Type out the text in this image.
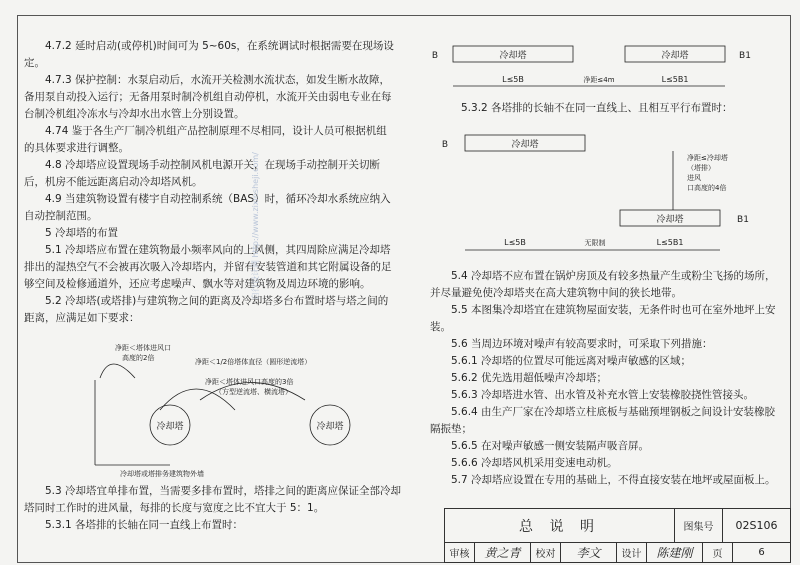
4.7.2 延时启动(或停机)时间可为 5~60s，在系统调试时根据需要在现场设定。

4.7.3 保护控制：水泵启动后，水流开关检测水流状态，如发生断水故障，备用泵自动投入运行；无备用泵时制冷机组自动停机，水流开关由弱电专业在每台制冷机组冷冻水与冷却水出水管上分别设置。

4.74 鉴于各生产厂制冷机组产品控制原理不尽相同，设计人员可根据机组的具体要求进行调整。

4.8 冷却塔应设置现场手动控制风机电源开关，在现场手动控制开关切断后，机房不能远距离启动冷却塔风机。

4.9 当建筑物设置有楼宇自动控制系统（BAS）时，循环冷却水系统应纳入自动控制范围。

5 冷却塔的布置

5.1 冷却塔应布置在建筑物最小频率风向的上风侧，其四周除应满足冷却塔排出的湿热空气不会被再次吸入冷却塔内，并留有安装管道和其它附属设备的足够空间及检修通道外，还应考虑噪声、飘水等对建筑物及周边环境的影响。

5.2 冷却塔(或塔排)与建筑物之间的距离及冷却塔多台布置时塔与塔之间的距离，应满足如下要求：

净距＜塔体进风口
高度的2倍	净距＜1/2倍塔体直径（圆形逆流塔）
净距＜塔体进风口高度的3倍
（方型逆流塔、横流塔）
冷却塔	冷却塔
冷却塔或塔排务建筑物外墙

5.3 冷却塔宜单排布置，当需要多排布置时，塔排之间的距离应保证全部冷却塔同时工作时的进风量，每排的长度与宽度之比不宜大于 5：1。

5.3.1 各塔排的长轴在同一直线上布置时：

冷却塔	冷却塔
B	B1
L≤5B	净距≤4m	L≤5B1

5.3.2 各塔排的长轴不在同一直线上、且相互平行布置时：

冷却塔
冷却塔
B
B1
L≤5B	无限制	L≤5B1
净距≤冷却塔
（塔排）
进风
口高度的4倍

5.4 冷却塔不应布置在锅炉房顶及有较多热量产生或粉尘飞扬的场所，并尽量避免使冷却塔夹在高大建筑物中间的狭长地带。

5.5 本图集冷却塔宜在建筑物屋面安装，无条件时也可在室外地坪上安装。

5.6 当周边环境对噪声有较高要求时，可采取下列措施：

5.6.1 冷却塔的位置尽可能远离对噪声敏感的区域；

5.6.2 优先选用超低噪声冷却塔；

5.6.3 冷却塔进水管、出水管及补充水管上安装橡胶挠性管接头。

5.6.4 由生产厂家在冷却塔立柱底板与基础预埋钢板之间设计安装橡胶隔振垫；

5.6.5 在对噪声敏感一侧安装隔声吸音屏。

5.6.6 冷却塔风机采用变速电动机。

5.7 冷却塔应设置在专用的基础上，不得直接安装在地坪或屋面板上。

自行设计网 http://www.zixinsheji.com/
总 说 明	图集号	02S106
审核	黄之青	校对	李文	设计	陈建刚	页	6
